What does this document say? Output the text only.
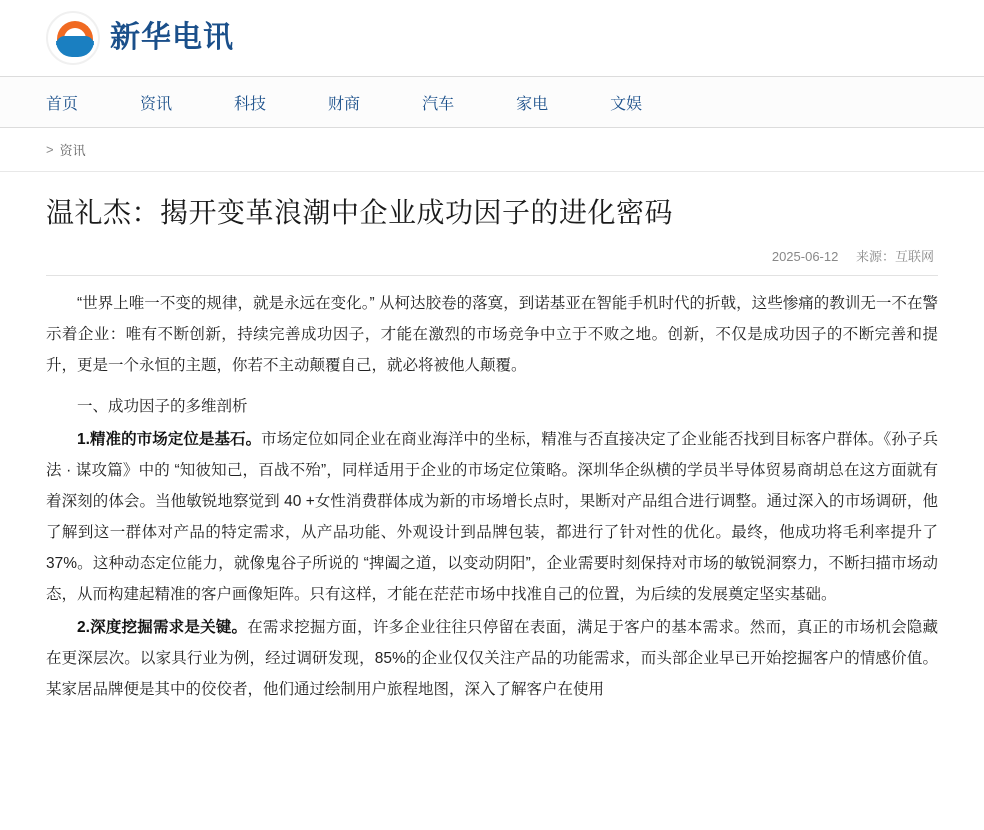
新华电讯
首页	资讯	科技	财商	汽车	家电	文娱
> 资讯
温礼杰：揭开变革浪潮中企业成功因子的进化密码
2025-06-12 来源：互联网

“世界上唯一不变的规律，就是永远在变化。” 从柯达胶卷的落寞，到诺基亚在智能手机时代的折戟，这些惨痛的教训无一不在警示着企业：唯有不断创新，持续完善成功因子，才能在激烈的市场竞争中立于不败之地。创新，不仅是成功因子的不断完善和提升，更是一个永恒的主题，你若不主动颠覆自己，就必将被他人颠覆。

一、成功因子的多维剖析

1.精准的市场定位是基石。市场定位如同企业在商业海洋中的坐标，精准与否直接决定了企业能否找到目标客户群体。《孙子兵法 · 谋攻篇》中的 “知彼知己，百战不殆”，同样适用于企业的市场定位策略。深圳华企纵横的学员半导体贸易商胡总在这方面就有着深刻的体会。当他敏锐地察觉到 40 +女性消费群体成为新的市场增长点时，果断对产品组合进行调整。通过深入的市场调研，他了解到这一群体对产品的特定需求，从产品功能、外观设计到品牌包装，都进行了针对性的优化。最终，他成功将毛利率提升了37%。这种动态定位能力，就像鬼谷子所说的 “捭阖之道，以变动阴阳”，企业需要时刻保持对市场的敏锐洞察力，不断扫描市场动态，从而构建起精准的客户画像矩阵。只有这样，才能在茫茫市场中找准自己的位置，为后续的发展奠定坚实基础。

2.深度挖掘需求是关键。在需求挖掘方面，许多企业往往只停留在表面，满足于客户的基本需求。然而，真正的市场机会隐藏在更深层次。以家具行业为例，经过调研发现，85%的企业仅仅关注产品的功能需求，而头部企业早已开始挖掘客户的情感价值。某家居品牌便是其中的佼佼者，他们通过绘制用户旅程地图，深入了解客户在使用
